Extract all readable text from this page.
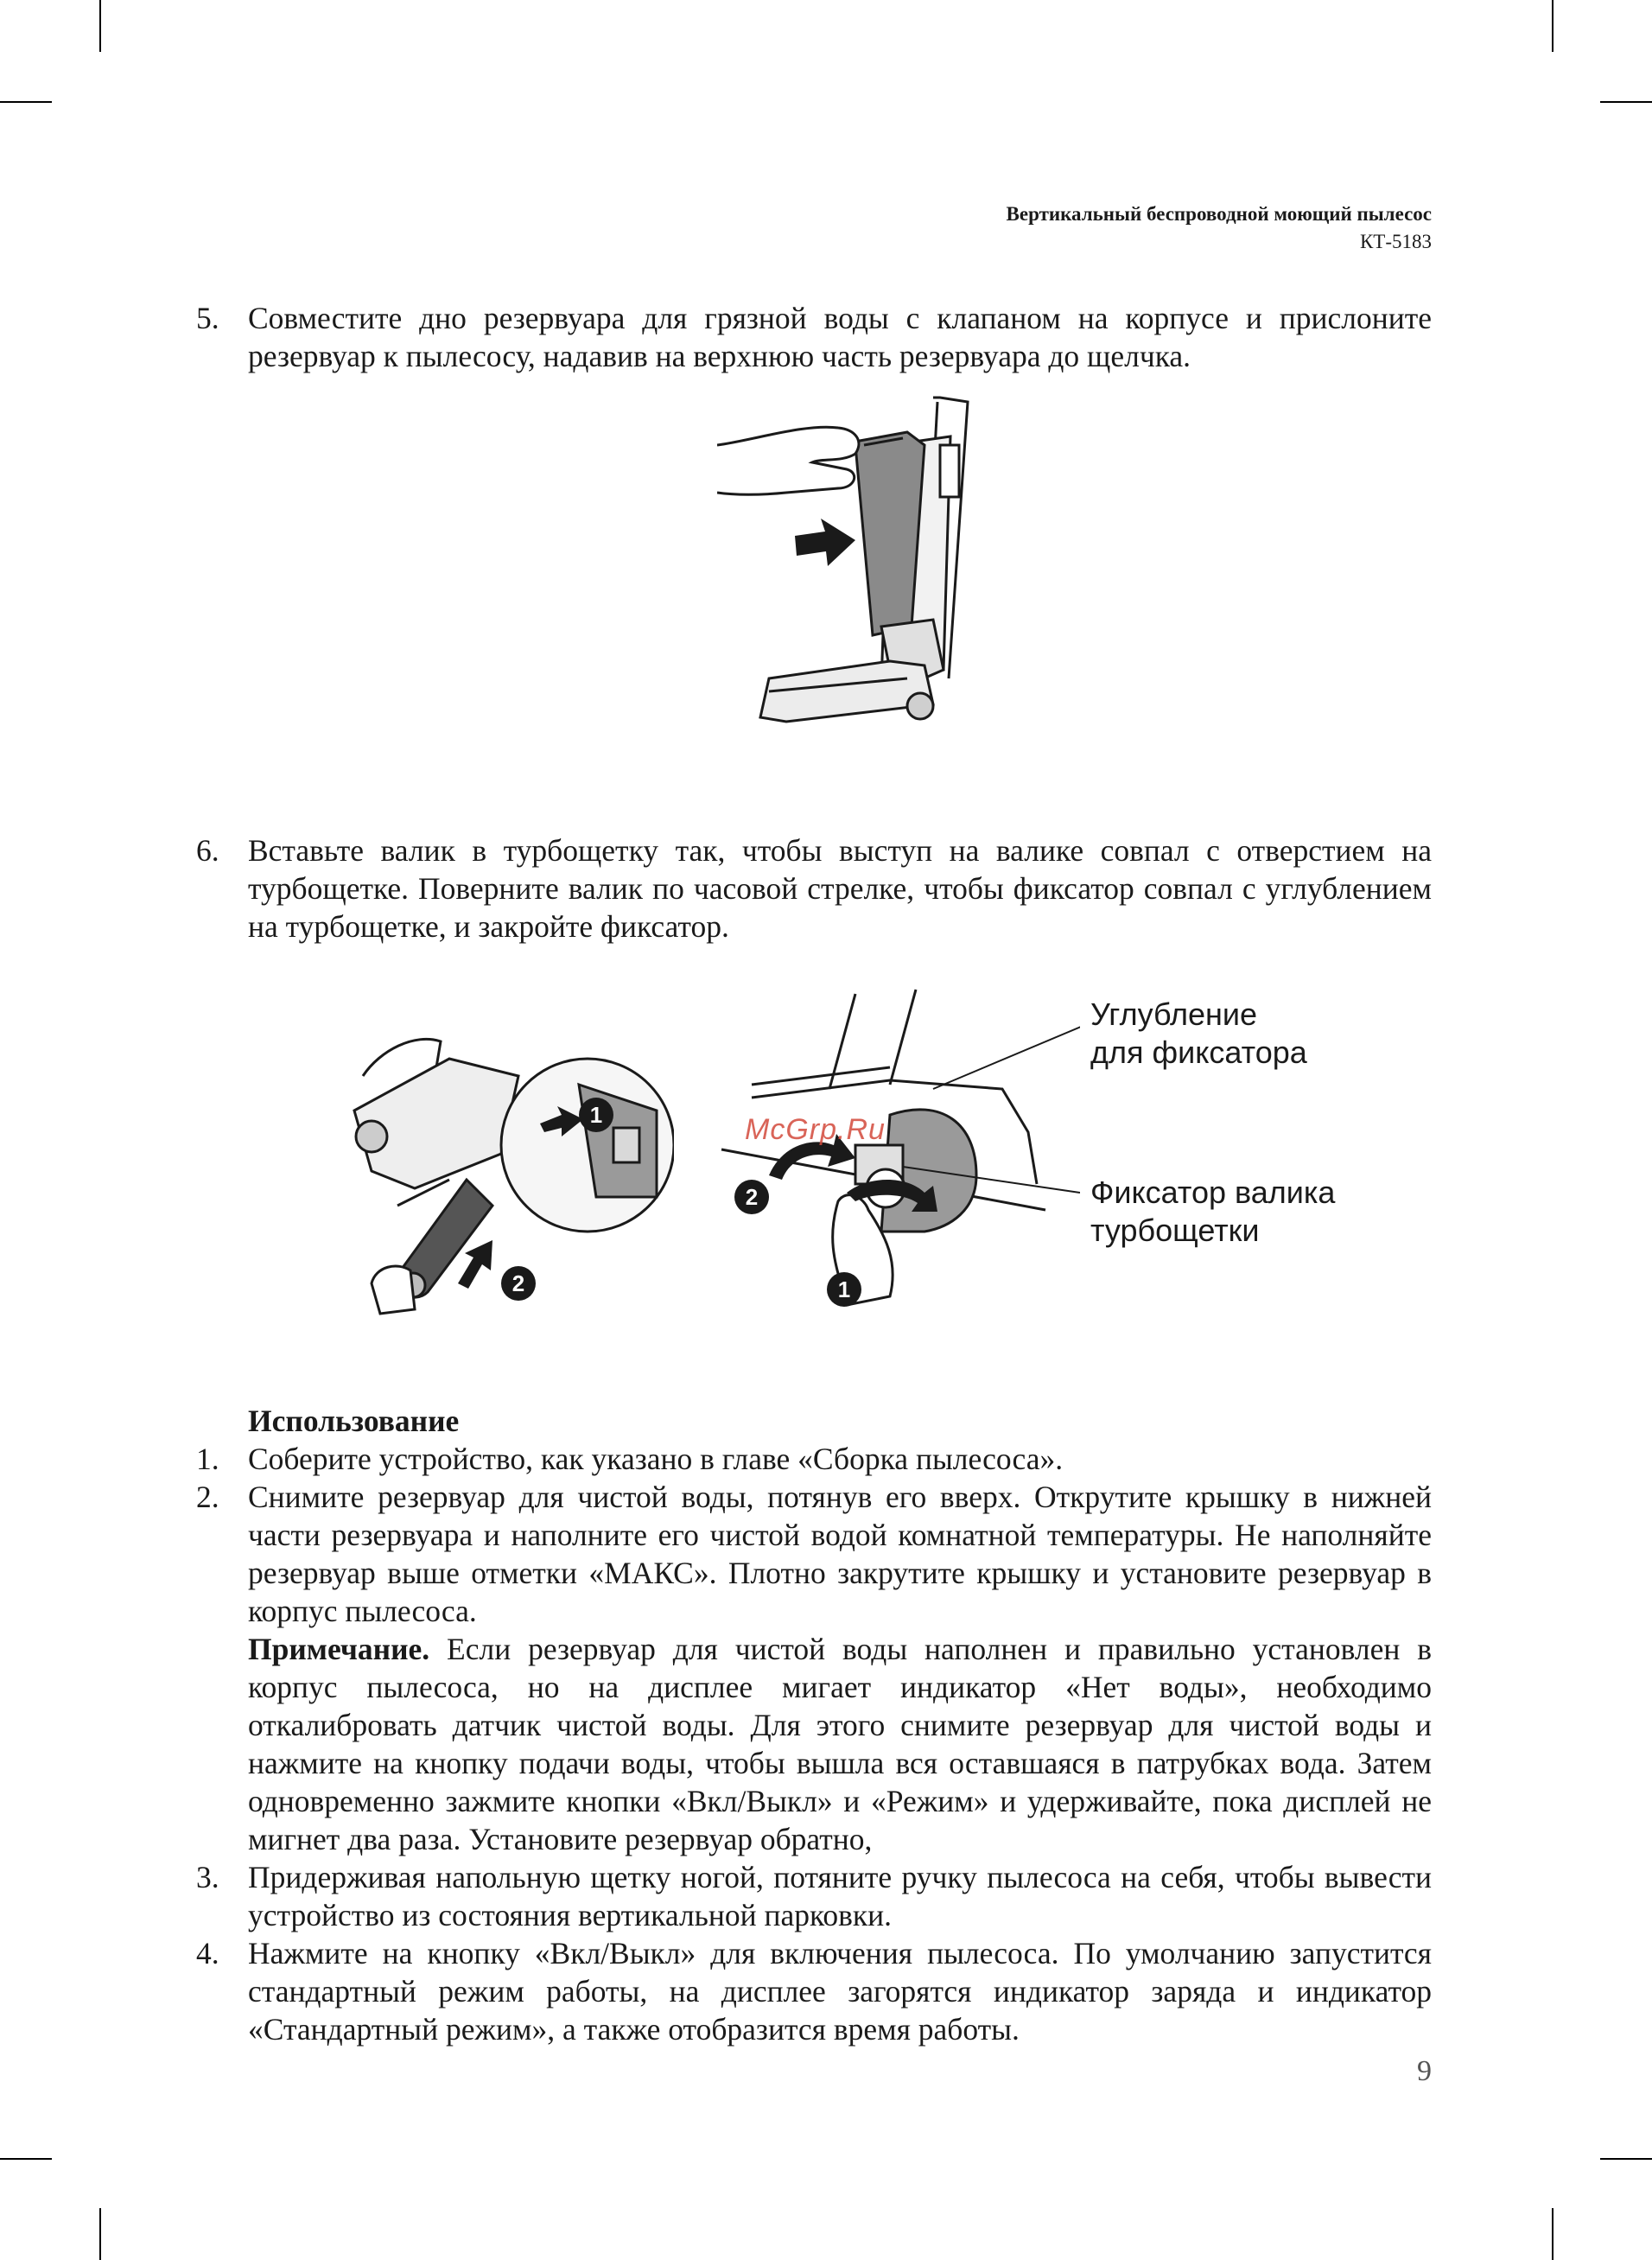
Вертикальный беспроводной моющий пылесос
КТ-5183
5. Совместите дно резервуара для грязной воды с клапаном на корпусе и прислоните резервуар к пылесосу, надавив на верхнюю часть резервуара до щелчка.
6. Вставьте валик в турбощетку так, чтобы выступ на валике совпал с отверстием на турбощетке. Поверните валик по часовой стрелке, чтобы фиксатор совпал с углублением на турбощетке, и закройте фиксатор.
1
2
2
1
McGrp.Ru
Углубление
для фиксатора
Фиксатор валика
турбощетки
Использование
1. Соберите устройство, как указано в главе «Сборка пылесоса».
2. Снимите резервуар для чистой воды, потянув его вверх. Открутите крышку в нижней части резервуара и наполните его чистой водой комнатной температуры. Не наполняйте резервуар выше отметки «МАКС». Плотно закрутите крышку и установите резервуар в корпус пылесоса.
Примечание. Если резервуар для чистой воды наполнен и правильно установлен в корпус пылесоса, но на дисплее мигает индикатор «Нет воды», необходимо откалибровать датчик чистой воды. Для этого снимите резервуар для чистой воды и нажмите на кнопку подачи воды, чтобы вышла вся оставшаяся в патрубках вода. Затем одновременно зажмите кнопки «Вкл/Выкл» и «Режим» и удерживайте, пока дисплей не мигнет два раза. Установите резервуар обратно,
3. Придерживая напольную щетку ногой, потяните ручку пылесоса на себя, чтобы вывести устройство из состояния вертикальной парковки.
4. Нажмите на кнопку «Вкл/Выкл» для включения пылесоса. По умолчанию запустится стандартный режим работы, на дисплее загорятся индикатор заряда и индикатор «Стандартный режим», а также отобразится время работы.
9
